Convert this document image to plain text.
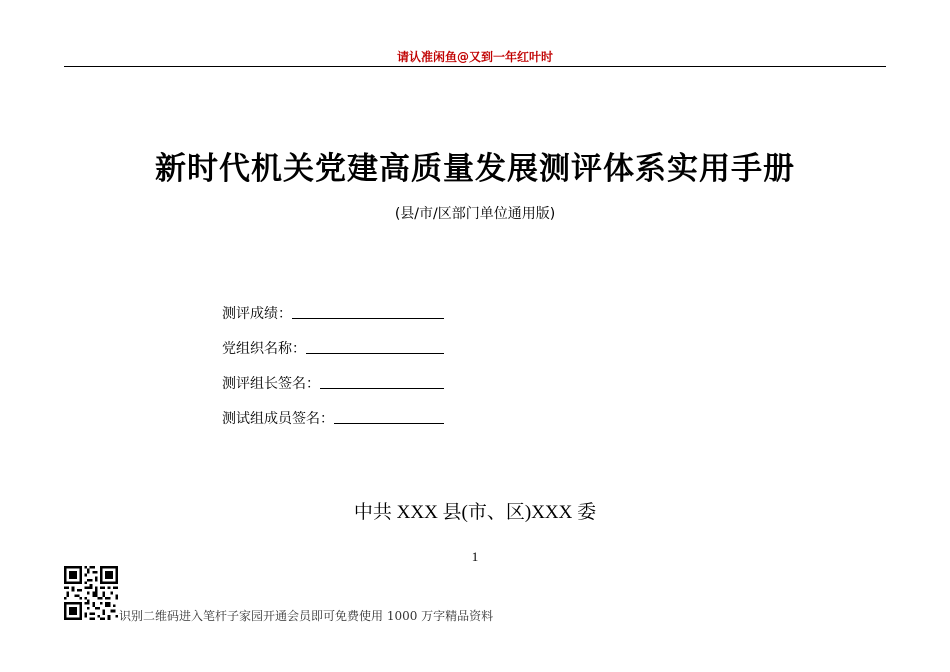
请认准闲鱼@又到一年红叶时
新时代机关党建高质量发展测评体系实用手册
(县/市/区部门单位通用版)
测评成绩：
党组织名称：
测评组长签名：
测试组成员签名：
中共 XXX 县(市、区)XXX 委
1
识别二维码进入笔杆子家园开通会员即可免费使用 1000 万字精品资料
